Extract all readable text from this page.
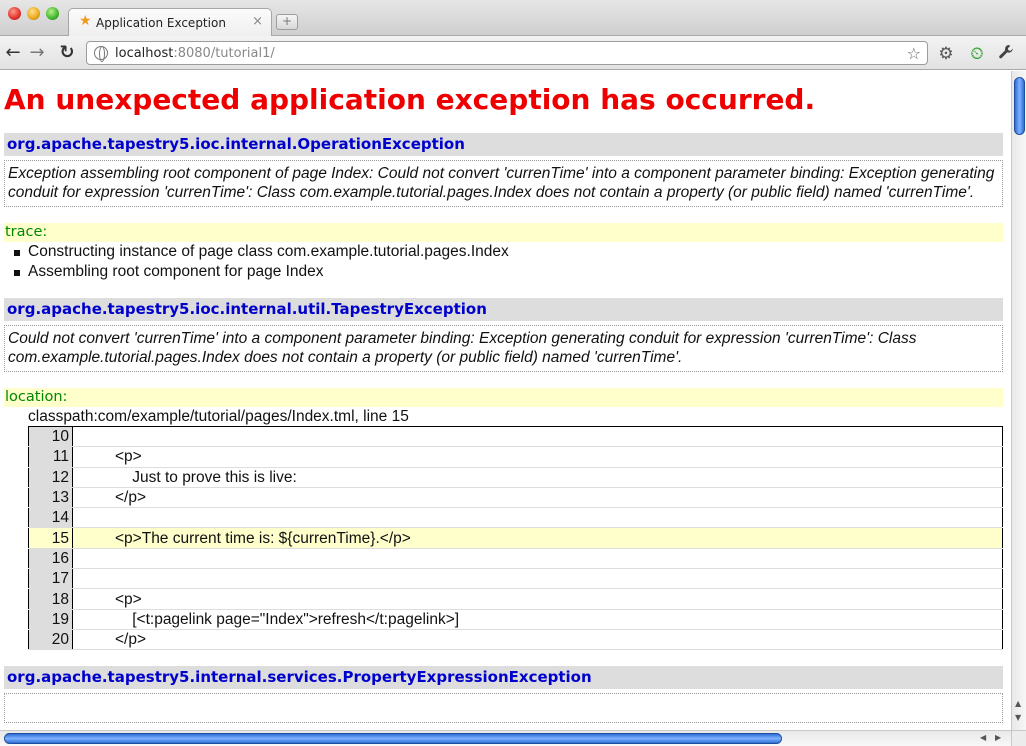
★ Application Exception ×	+
← → ↻	localhost:8080/tutorial1/	☆ ⚙ ⏲
An unexpected application exception has occurred.
org.apache.tapestry5.ioc.internal.OperationException
Exception assembling root component of page Index: Could not convert 'currenTime' into a component parameter binding: Exception generating conduit for expression 'currenTime': Class com.example.tutorial.pages.Index does not contain a property (or public field) named 'currenTime'.
trace:
Constructing instance of page class com.example.tutorial.pages.Index
Assembling root component for page Index
org.apache.tapestry5.ioc.internal.util.TapestryException
Could not convert 'currenTime' into a component parameter binding: Exception generating conduit for expression 'currenTime': Class com.example.tutorial.pages.Index does not contain a property (or public field) named 'currenTime'.
location:
classpath:com/example/tutorial/pages/Index.tml, line 15
10	
11	<p>
12	Just to prove this is live:
13	</p>
14	
15	<p>The current time is: ${currenTime}.</p>
16	
17	
18	<p>
19	[<t:pagelink page="Index">refresh</t:pagelink>]
20	</p>
org.apache.tapestry5.internal.services.PropertyExpressionException
▲
▼
◀ ▶
